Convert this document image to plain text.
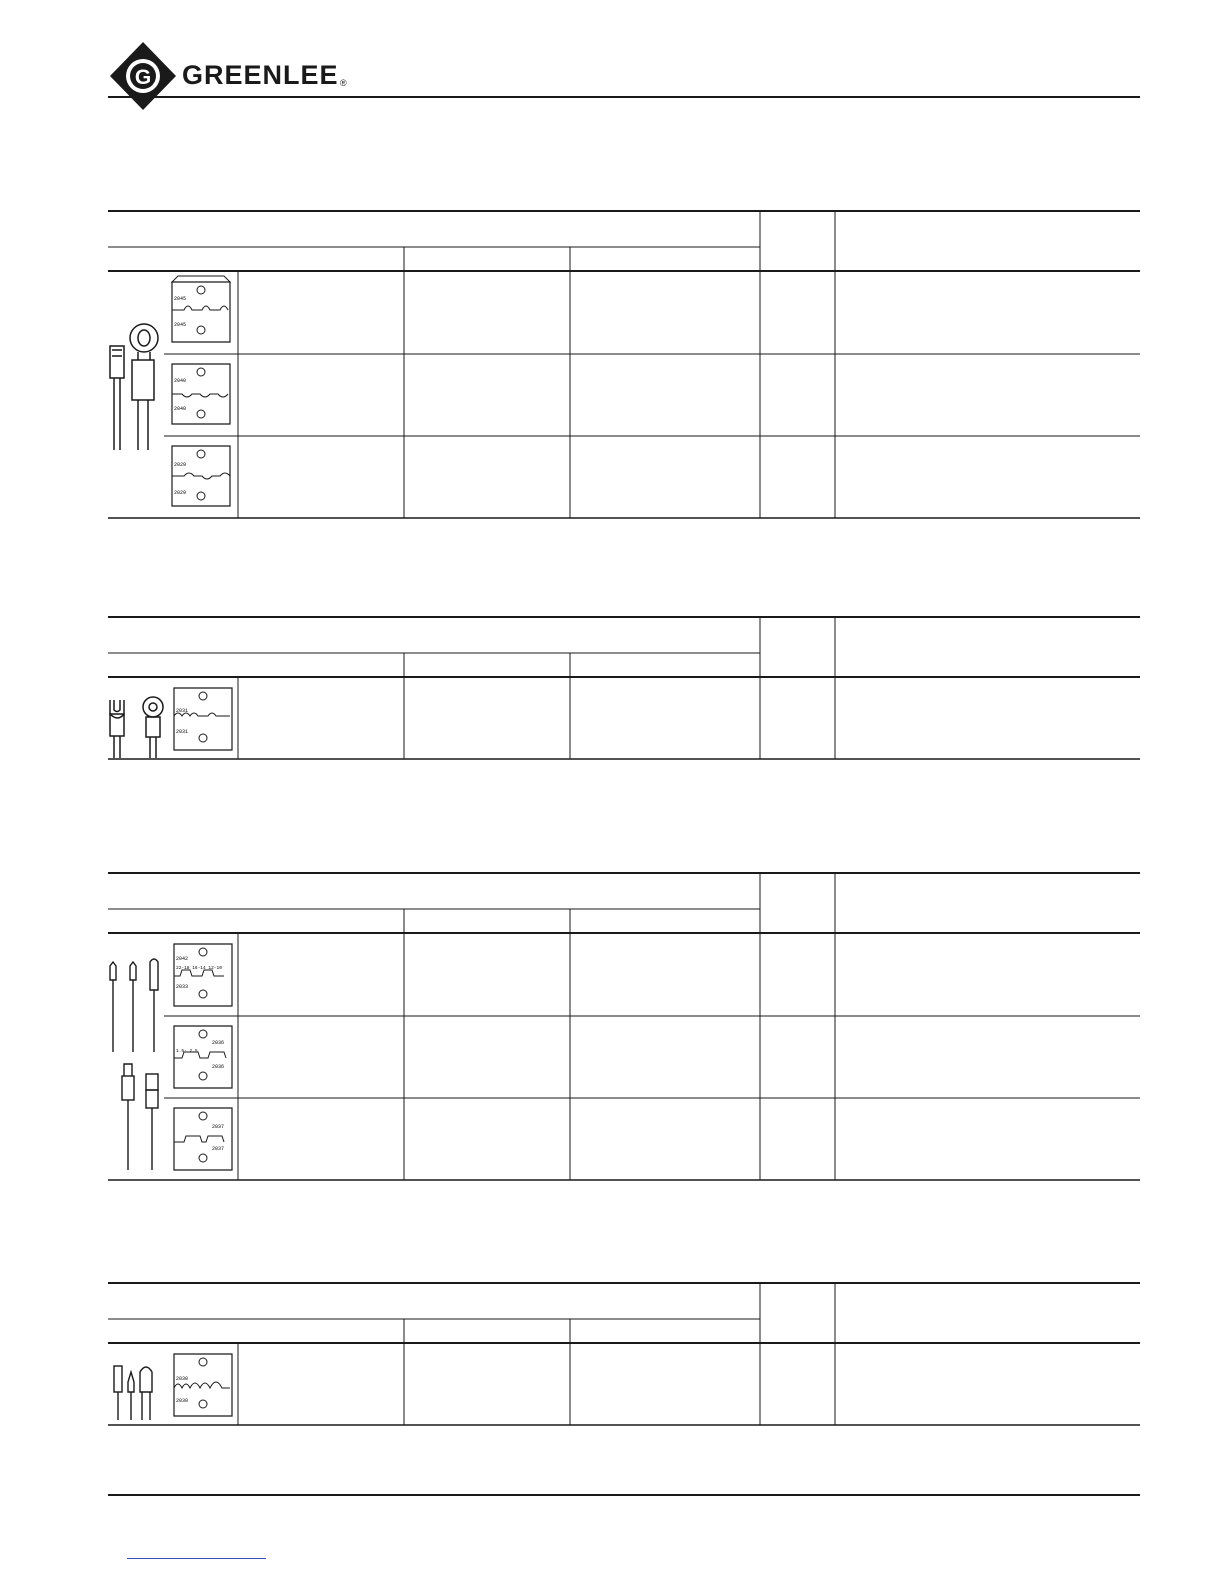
G GREENLEE ®
2045
2045
2040
2040
2029
2029
2031
2031
2042
22-18 16-14 12-10
2033
1.5- 2.5
2036
2036
2037
2037
2030
2030
